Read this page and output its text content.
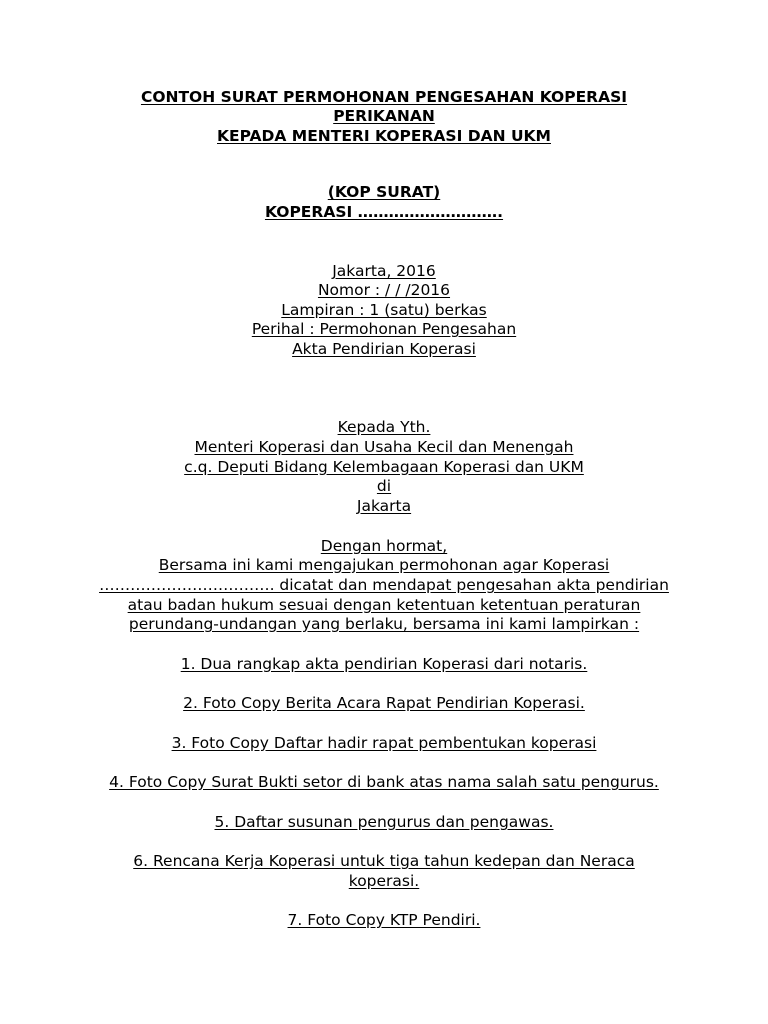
CONTOH SURAT PERMOHONAN PENGESAHAN KOPERASI
PERIKANAN
KEPADA MENTERI KOPERASI DAN UKM
(KOP SURAT)
KOPERASI ……………………….
Jakarta, 2016
Nomor : / / /2016
Lampiran : 1 (satu) berkas
Perihal : Permohonan Pengesahan
Akta Pendirian Koperasi
Kepada Yth.
Menteri Koperasi dan Usaha Kecil dan Menengah
c.q. Deputi Bidang Kelembagaan Koperasi dan UKM
di
Jakarta
Dengan hormat,
Bersama ini kami mengajukan permohonan agar Koperasi
……………………………. dicatat dan mendapat pengesahan akta pendirian
atau badan hukum sesuai dengan ketentuan ketentuan peraturan
perundang-undangan yang berlaku, bersama ini kami lampirkan :
1. Dua rangkap akta pendirian Koperasi dari notaris.
2. Foto Copy Berita Acara Rapat Pendirian Koperasi.
3. Foto Copy Daftar hadir rapat pembentukan koperasi
4. Foto Copy Surat Bukti setor di bank atas nama salah satu pengurus.
5. Daftar susunan pengurus dan pengawas.
6. Rencana Kerja Koperasi untuk tiga tahun kedepan dan Neraca
koperasi.
7. Foto Copy KTP Pendiri.
